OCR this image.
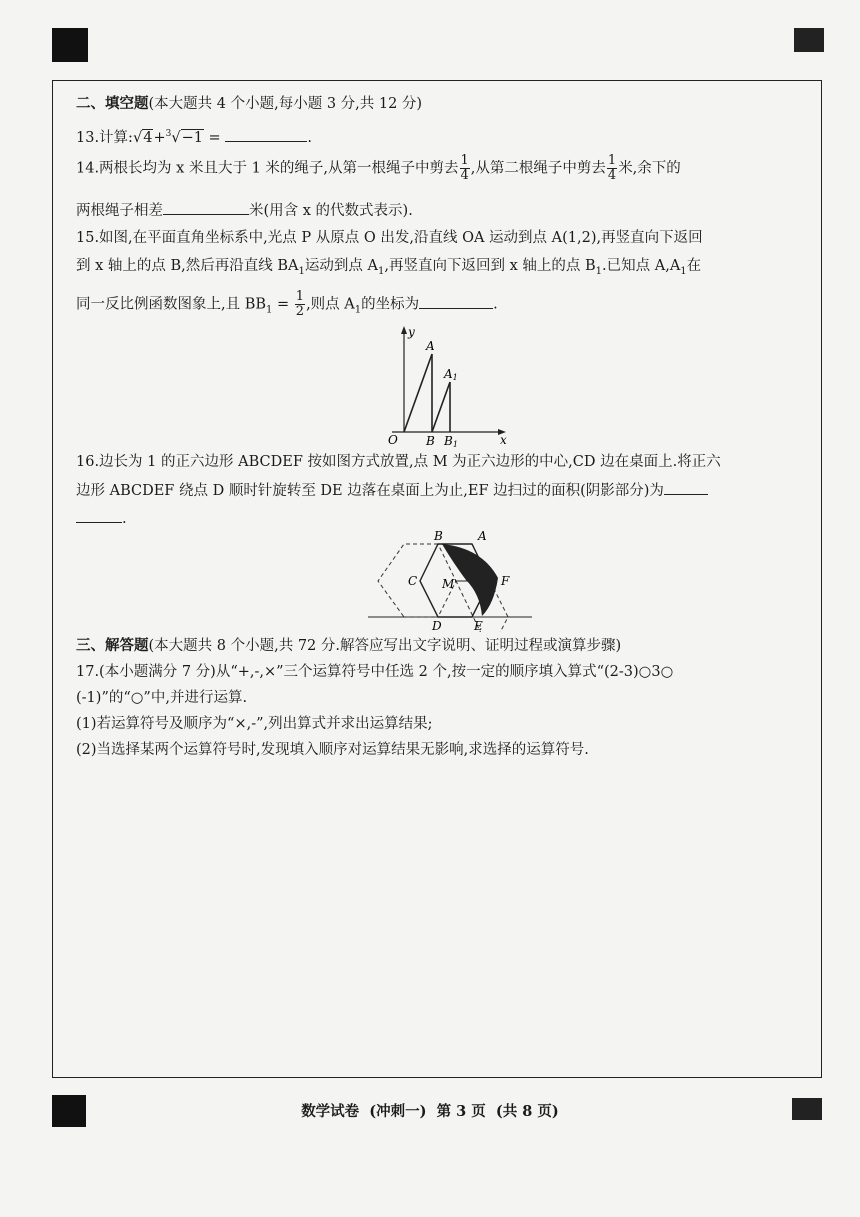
二、填空题(本大题共 4 个小题,每小题 3 分,共 12 分)
13.计算:√4+$^3$√−1 =	.
14.两根长均为 x 米且大于 1 米的绳子,从第一根绳子中剪去 $\frac{1}{4}$ ,从第二根绳子中剪去 $\frac{1}{4}$ 米,余下的
两根绳子相差	米(用含 x 的代数式表示).
15.如图,在平面直角坐标系中,光点 P 从原点 O 出发,沿直线 OA 运动到点 A(1,2),再竖直向下返回
到 x 轴上的点 B,然后再沿直线 $BA_1$运动到点 $A_1$,再竖直向下返回到 x 轴上的点 $B_1$.已知点 $A,A_1$在
同一反比例函数图象上,且 $BB_1 = \frac{1}{2}$ ,则点 $A_1$的坐标为	.
y
x
O
A
A1
B B1
16.边长为 1 的正六边形 ABCDEF 按如图方式放置,点 M 为正六边形的中心,CD 边在桌面上.将正六
边形 ABCDEF 绕点 D 顺时针旋转至 DE 边落在桌面上为止,EF 边扫过的面积(阴影部分)为
.
B	A
C M	F
D	E
三、解答题(本大题共 8 个小题,共 72 分.解答应写出文字说明、证明过程或演算步骤)
17.(本小题满分 7 分)从“+,-,×”三个运算符号中任选 2 个,按一定的顺序填入算式“(2-3)○3○
(-1)”的“○”中,并进行运算.
(1)若运算符号及顺序为“×,-”,列出算式并求出运算结果;
(2)当选择某两个运算符号时,发现填入顺序对运算结果无影响,求选择的运算符号.
数学试卷  (冲刺一)  第 3 页  (共 8 页)
